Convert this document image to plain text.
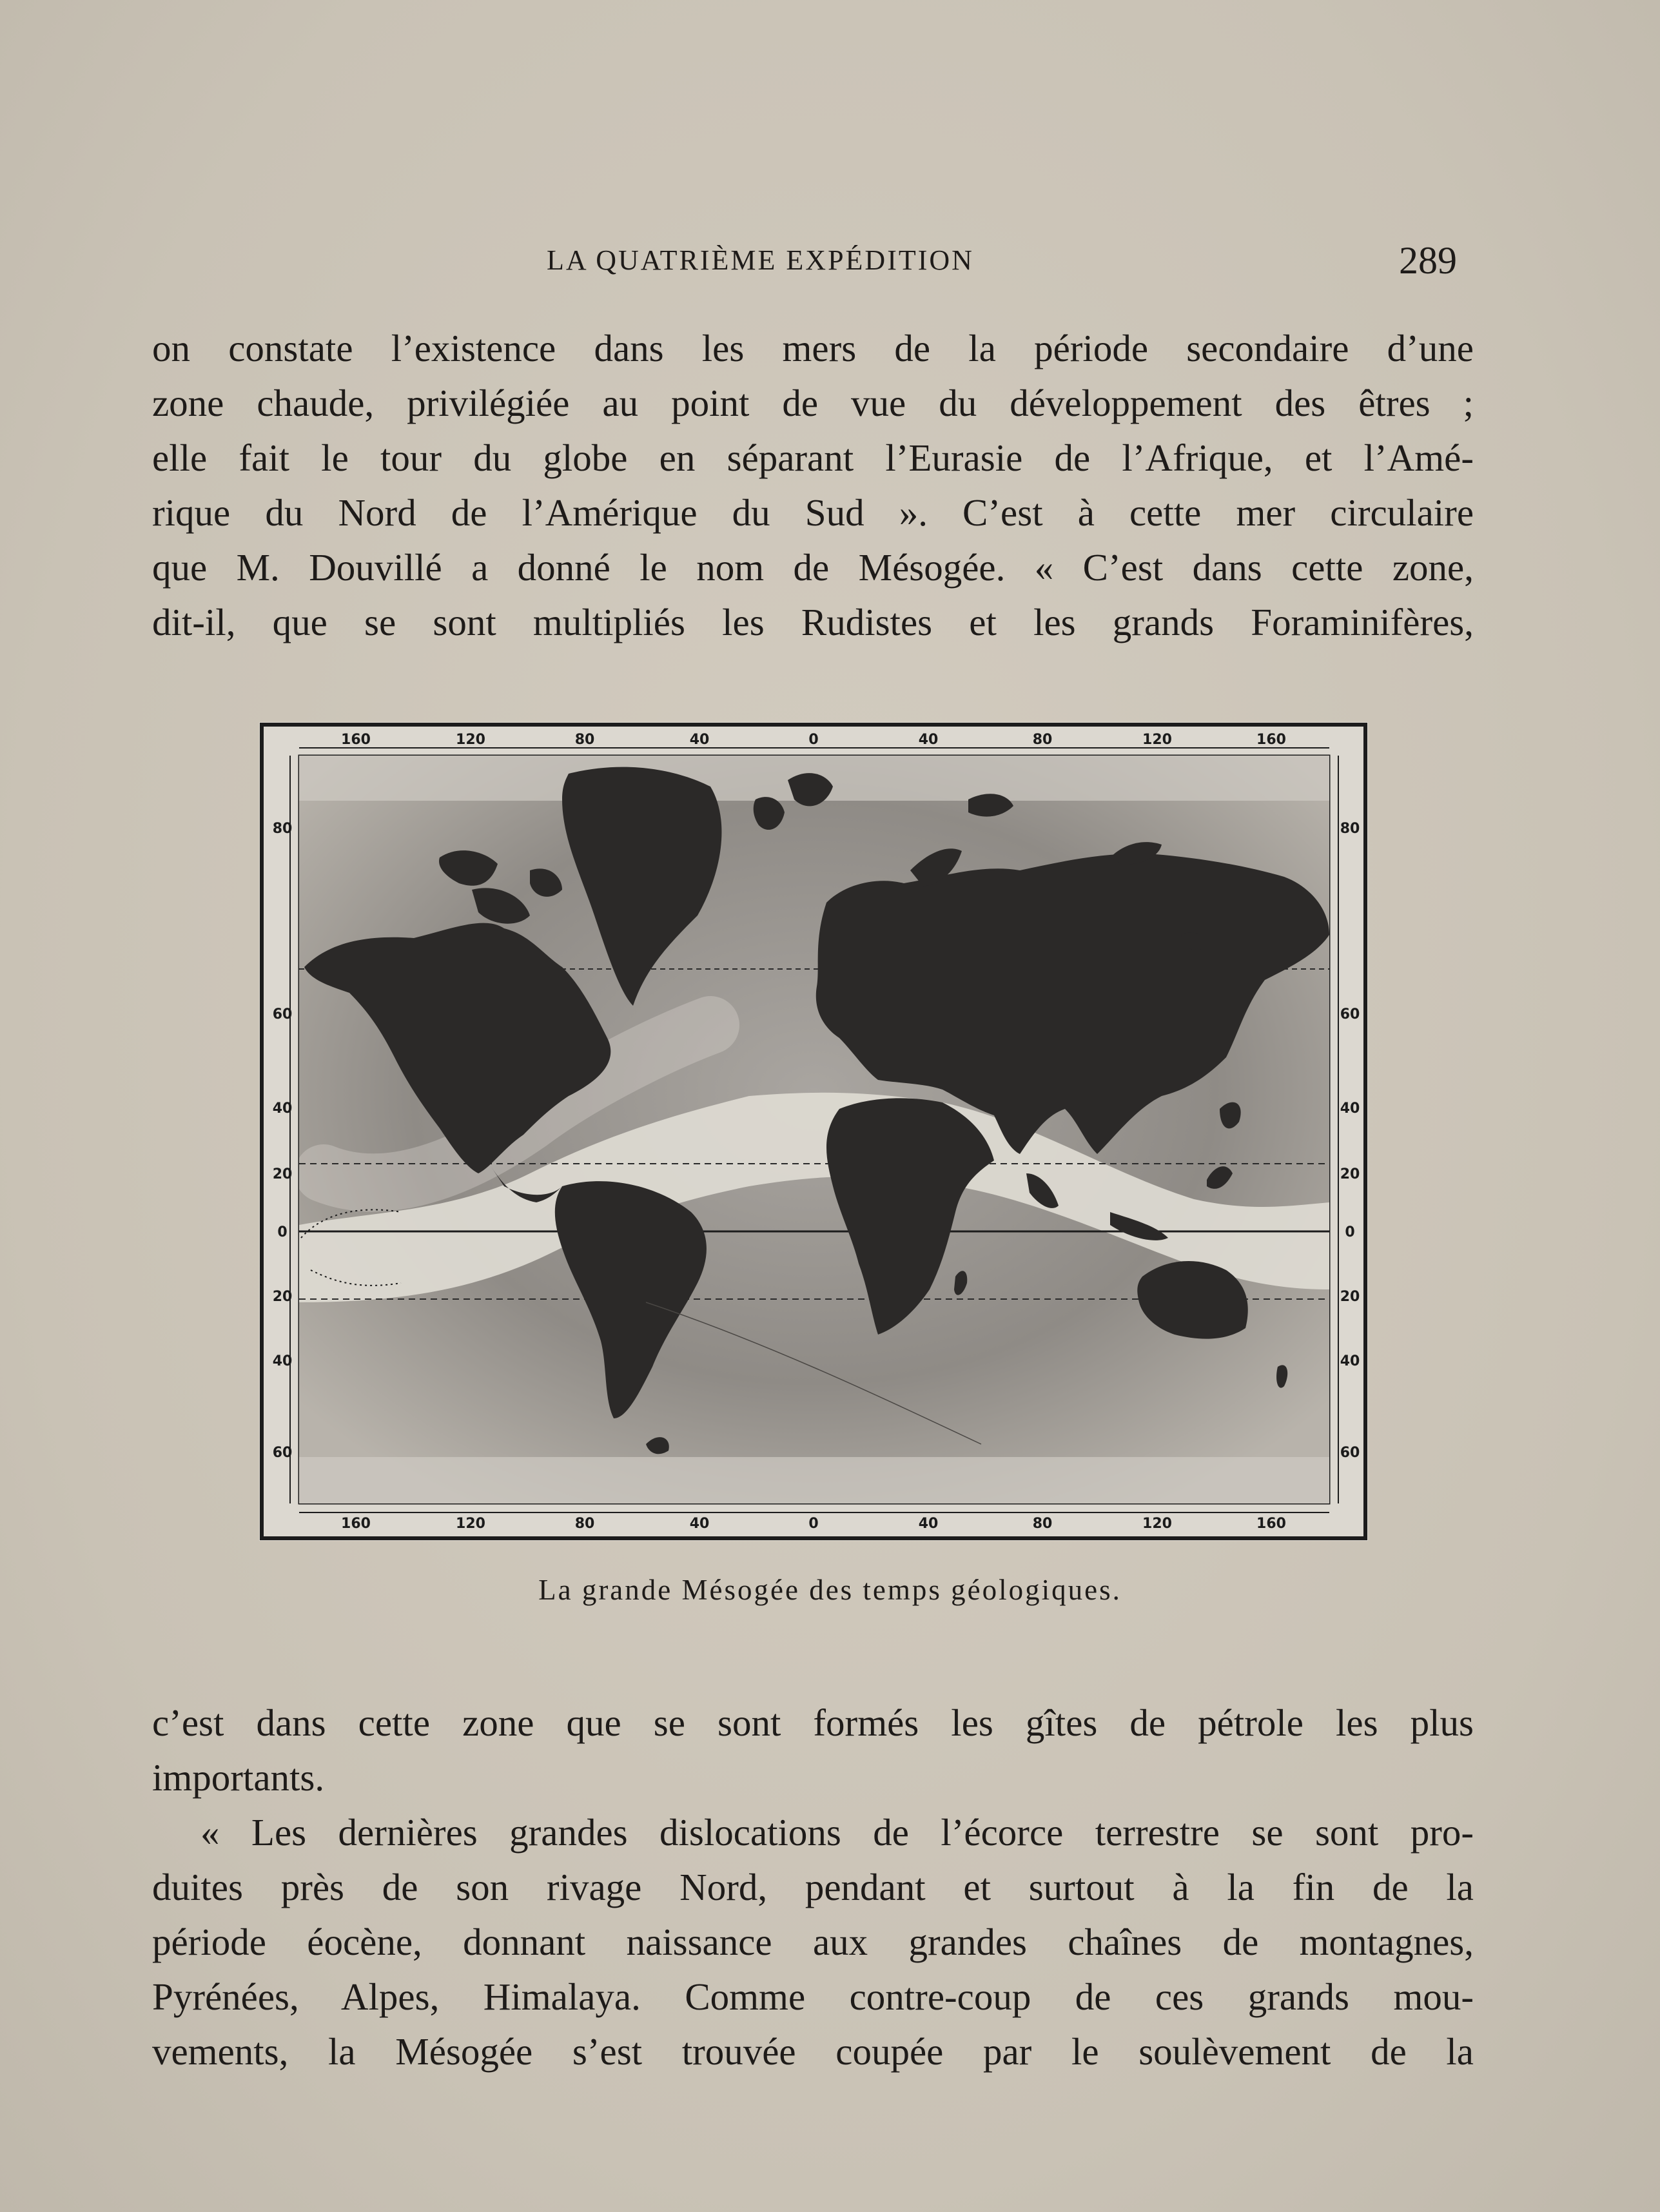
LA QUATRIÈME EXPÉDITION	289
on constate l’existence dans les mers de la période secondaire d’une
zone chaude, privilégiée au point de vue du développement des êtres ;
elle fait le tour du globe en séparant l’Eurasie de l’Afrique, et l’Amé-
rique du Nord de l’Amérique du Sud ». C’est à cette mer circulaire
que M. Douvillé a donné le nom de Mésogée. « C’est dans cette zone,
dit-il, que se sont multipliés les Rudistes et les grands Foraminifères,
160	120	80	40	0	40	80	120	160
160	120	80	40	0	40	80	120	160
80
60
40
20
0
20
40
60
80
60
40
20
0
20
40
60
La grande Mésogée des temps géologiques.
c’est dans cette zone que se sont formés les gîtes de pétrole les plus
importants.
« Les dernières grandes dislocations de l’écorce terrestre se sont pro-
duites près de son rivage Nord, pendant et surtout à la fin de la
période éocène, donnant naissance aux grandes chaînes de montagnes,
Pyrénées, Alpes, Himalaya. Comme contre-coup de ces grands mou-
vements, la Mésogée s’est trouvée coupée par le soulèvement de la
